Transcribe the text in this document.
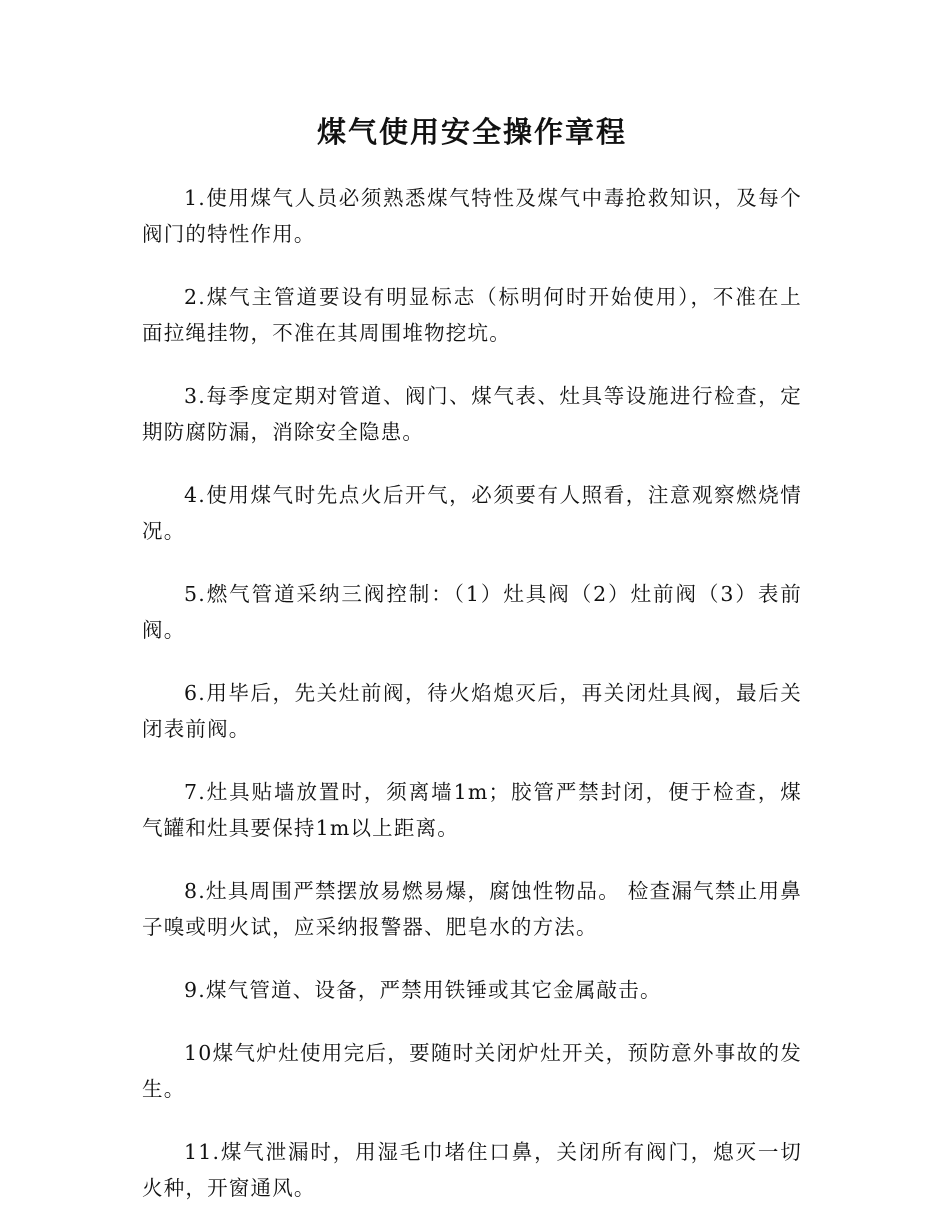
煤气使用安全操作章程

1.使用煤气人员必须熟悉煤气特性及煤气中毒抢救知识，及每个阀门的特性作用。

2.煤气主管道要设有明显标志（标明何时开始使用），不准在上面拉绳挂物，不准在其周围堆物挖坑。

3.每季度定期对管道、阀门、煤气表、灶具等设施进行检查，定期防腐防漏，消除安全隐患。

4.使用煤气时先点火后开气，必须要有人照看，注意观察燃烧情况。

5.燃气管道采纳三阀控制：（1）灶具阀（2）灶前阀（3）表前阀。

6.用毕后，先关灶前阀，待火焰熄灭后，再关闭灶具阀，最后关闭表前阀。

7.灶具贴墙放置时，须离墙1m；胶管严禁封闭，便于检查，煤气罐和灶具要保持1m以上距离。

8.灶具周围严禁摆放易燃易爆，腐蚀性物品。 检查漏气禁止用鼻子嗅或明火试，应采纳报警器、肥皂水的方法。

9.煤气管道、设备，严禁用铁锤或其它金属敲击。

10煤气炉灶使用完后，要随时关闭炉灶开关，预防意外事故的发生。

11.煤气泄漏时，用湿毛巾堵住口鼻，关闭所有阀门，熄灭一切火种，开窗通风。
